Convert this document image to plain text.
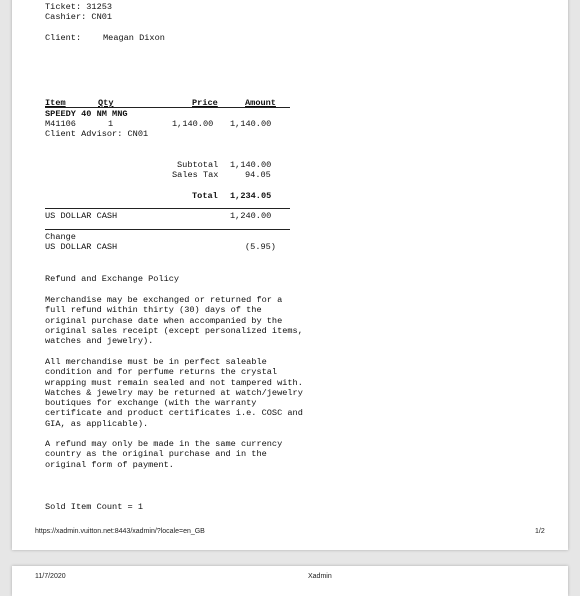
Ticket: 31253
Cashier: CN01
Client:	Meagan Dixon
Item	Qty	Price	Amount
SPEEDY 40 NM MNG
M41106	1	1,140.00 1,140.00
Client Advisor: CN01
Subtotal 1,140.00
Sales Tax	94.05
Total 1,234.05
US DOLLAR CASH	1,240.00
Change
US DOLLAR CASH	(5.95)
Refund and Exchange Policy
Merchandise may be exchanged or returned for a
full refund within thirty (30) days of the
original purchase date when accompanied by the
original sales receipt (except personalized items,
watches and jewelry).
All merchandise must be in perfect saleable
condition and for perfume returns the crystal
wrapping must remain sealed and not tampered with.
Watches & jewelry may be returned at watch/jewelry
boutiques for exchange (with the warranty
certificate and product certificates i.e. COSC and
GIA, as applicable).
A refund may only be made in the same currency
country as the original purchase and in the
original form of payment.
Sold Item Count = 1
https://xadmin.vuitton.net:8443/xadmin/?locale=en_GB	1/2
11/7/2020	Xadmin
